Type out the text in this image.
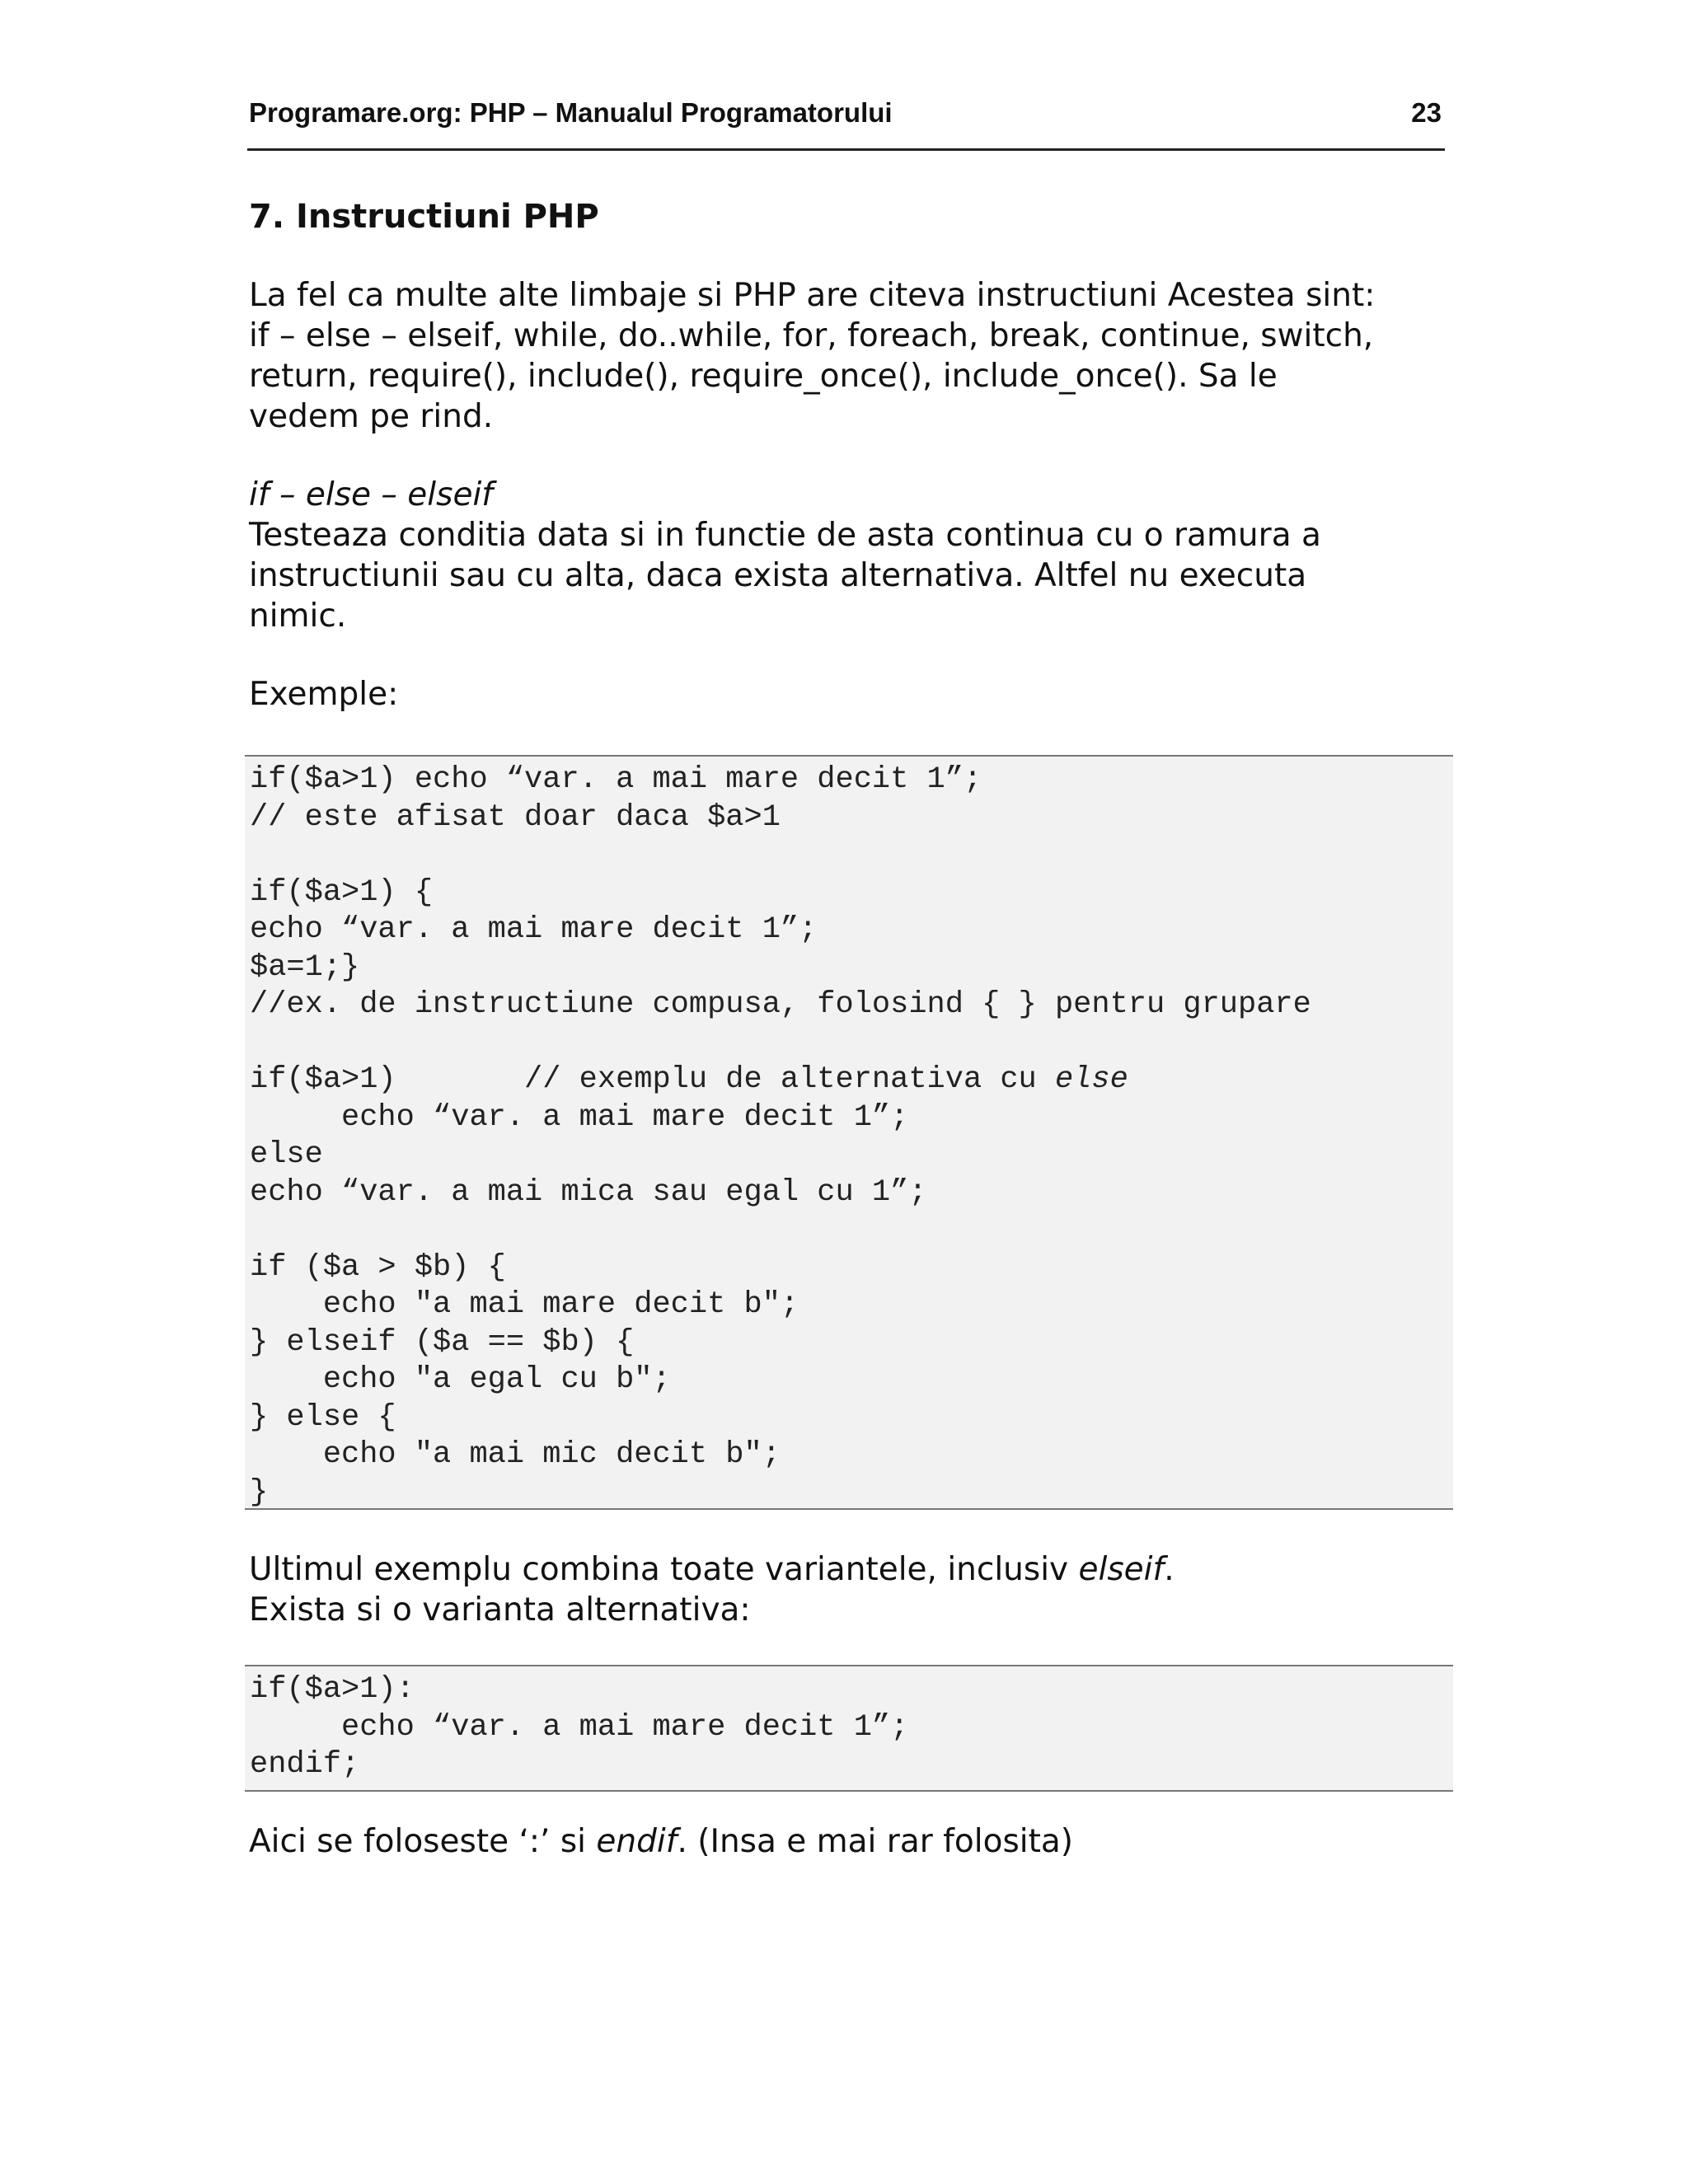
Programare.org: PHP – Manualul Programatorului	23
7. Instructiuni PHP
La fel ca multe alte limbaje si PHP are citeva instructiuni Acestea sint:
if – else – elseif, while, do..while, for, foreach, break, continue, switch,
return, require(), include(), require_once(), include_once(). Sa le
vedem pe rind.
if – else – elseif
Testeaza conditia data si in functie de asta continua cu o ramura a
instructiunii sau cu alta, daca exista alternativa. Altfel nu executa
nimic.
Exemple:
if($a>1) echo “var. a mai mare decit 1”;
// este afisat doar daca $a>1
if($a>1) {
echo “var. a mai mare decit 1”;
$a=1;}
//ex. de instructiune compusa, folosind { } pentru grupare
if($a>1)       // exemplu de alternativa cu else
echo “var. a mai mare decit 1”;
else
echo “var. a mai mica sau egal cu 1”;
if ($a > $b) {
echo "a mai mare decit b";
} elseif ($a == $b) {
echo "a egal cu b";
} else {
echo "a mai mic decit b";
}
Ultimul exemplu combina toate variantele, inclusiv elseif.
Exista si o varianta alternativa:
if($a>1):
echo “var. a mai mare decit 1”;
endif;
Aici se foloseste ‘:’ si endif. (Insa e mai rar folosita)
